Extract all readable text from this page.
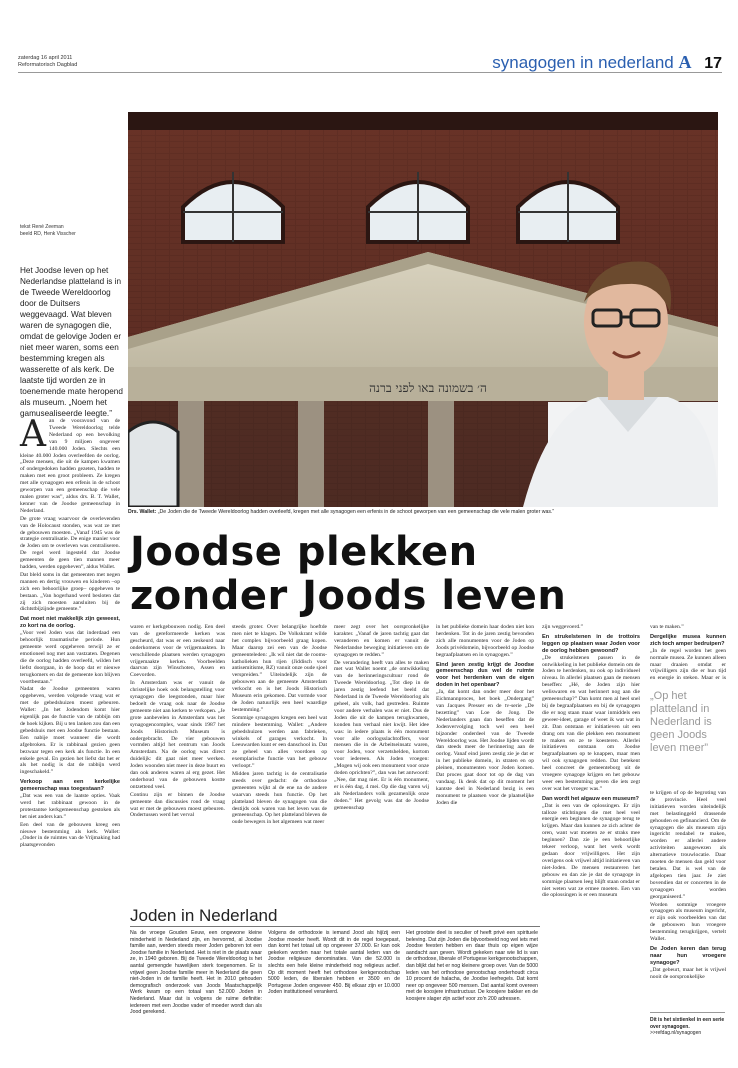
zaterdag 16 april 2011
Reformatorisch Dagblad	synagogen in nederland A 17
tekst René Zeeman
beeld RD, Henk Visscher
Het Joodse leven op het Nederlandse platteland is in de Tweede Wereldoorlog door de Duitsers weggevaagd. Wat bleven waren de synagogen die, omdat de gelovige Joden er niet meer waren, soms een bestemming kregen als wasserette of als kerk. De laatste tijd worden ze in toenemende mate heropend als museum. „Noem het gamusealiseerde leegte.”
ה׳ בשמונה באו לפני ברנה
Drs. Wallet: „De Joden die de Tweede Wereldoorlog hadden overleefd, kregen met alle synagogen een erfenis in de schoot geworpen van een gemeenschap die vele malen groter was.”
Joodse plekken
zonder Joods leven
A an de vooravond van de Tweede Wereldoorlog telde Nederland op een bevolking van 9 miljoen ongeveer 140.000 Joden. Slechts een kleine 40.000 Joden overleefden de oorlog. „Deze mensen, die uit de kampen kwamen of ondergedoken hadden gezeten, hadden te maken met een groot probleem. Ze kregen met alle synagogen een erfenis in de schoot geworpen van een gemeenschap die vele malen groter was”, aldus drs. B. T. Wallet, kenner van de Joodse gemeenschap in Nederland.

De grote vraag waarvoor de overlevenden van de Holocaust stonden, was wat ze met de gebouwen moesten. „Vanaf 1945 was de strategie centralisatie. De enige manier voor de Joden om te overleven was centraliseren. De regel werd ingesteld dat Joodse gemeenten de geen tien mannen meer hadden, werden opgeheven”, aldus Wallet.

Dat bleld soms in dat gemeenten met negen mannen en dertig vrouwen en kinderen –op zich een behoorlijke groep– opgeheven te bestaan. „Van hogerhand werd besloten dat zij zich moesten aansluiten bij de dichtstbijzijnde gemeente.”

Dat moet niet makkelijk zijn geweest, zo kort na de oorlog.

„Voor veel Joden was dat inderdaad een behoorlijk traumatische periode. Hun gemeente werd opgeheven terwijl ze er emotioneel nog met aan vastzaten. Degenen die de oorlog hadden overleefd, wilden het liefst doorgaan, in de hoop dat er nieuwe terugkomers en dat de gemeente kon blijven voortbestaan.”

Nadat de Joodse gemeenten waren opgeheven, werden volgende vraag wat er met de gebedshuizen moest gebeuren. Wallet: „In het Jodendom komt hier eigenlijk pas de functie van de rabbijn om de hoek kijken. Bij u ten lanken zou dan een gebedshuis met een Joodse functie bestaan. Een nabije moet wanneer die wordt afgebroken. Er is rabbinaal gezien geen bezwaar tegen een kerk als functie. In een enkele geval. En gezien het liefst dat het er als het nodig is dat de rabbijn werd ingeschakeld.”

Verkoop aan een kerkelijke gemeenschap was toegestaan?

„Dat was een van de laatste opties. Vaak werd het rabbinaat gewoon in de protestantse kerkgemeenschap gestoken als het niet anders kan.”

Een deel van de gebouwen kreeg een nieuwe bestemming als kerk. Wallet: „Onder in de ruimtes van de Vrijmaking had plaatsgevonden

waren er kerkgebouwen nodig. Een deel van de gereformeerde kerken was gescheurd, dat was er een zeskeurd naar onderkomens voor de vrijgemaakten. In verschillende plaatsen werden synagogen vrijgemaakte kerken. Voorbeelden daarvan zijn Winschoten, Assen en Coevorden.

In Amsterdam was er vanuit de christelijke hoek ook belangstelling voor synagogen die leegstonden, maar hier bedoelt de vraag ook naar de Joodse gemeente niet aan kerken te verkopen. „Je grote aanbevelen in Amsterdam was het synagogencomplex, waar sinds 1987 het Joods Historisch Museum is ondergebracht. De vier gebouwen vormden altijd het centrum van Joods Amsterdam. Na de oorlog was direct duidelijk: dit gaat niet meer werken. Joden woonden niet meer in deze buurt en dan ook anderen waren al erg gezet. Het onderhoud van de gebouwen kostte ontzettend veel.

Continu zijn er binnen de Joodse gemeente dan discussies rond de vraag wat er met de gebouwen moest gebeuren. Ondertussen werd het verval

steeds groter. Over belangrijke hoeftde men niet te klagen. De Volkskrant wilde het complex bijvoorbeeld graag kopen. Maar daarop zei een van de Joodse gemeenteleden: „Ik wil niet dat de rooms-katholieken hun rijen (Jiddisch voor antisemitisme, RZ) vanuit onze oude sjoel verspreiden.” Uiteindelijk zijn de gebouwen aan de gemeente Amsterdam verkocht en is het Joods Historisch Museum erin gekomen. Dat vormde voor de Joden natuurlijk een heel waardige bestemming.”

Sommige synagogen kregen een heel wat mindere bestemming. Wallet: „Andere gebedshuizen werden aan fabrieken, winkels of garages verkocht. In Leeuwarden kunt er een danschool in. Dat ze geheel van alles voordoen op exemplarische functie van het gebouw verloopt.”

Midden jaren tachtig is de centralisatie steeds over gedacht: de orthodoxe gemeenten wijkt al de ene na de andere waarvan steeds hun functie. Op het platteland bleven de synagogen van die destijds ook waren van het leven was de gemeenschap. Op het platteland bleven de oude bewegers in het algemeen wat meer

meer zegt over het oorspronkelijke karakter. „Vanaf de jaren tachtig gaat dat veranderen en komen er vanuit de Nederlandse beweging initiatieven om de synagogen te redden.”

De verandering heeft van alles te maken met wat Wallet noemt „de ontwikkeling van de herinneringscultuur rond de Tweede Wereldoorlog. „Tot diep in de jaren zestig leefend het beeld dat Nederland in de Tweede Wereldoorlog als geheel, als volk, had gestreden. Ruimte voor andere verhalen was er niet. Dus de Joden die uit de kampen terugkwamen, konden hun verhaal niet kwijt. Het idee was: in iedere plaats is één monument voor alle oorlogsslachtoffers, voor mensen die in de Arbeitseinsatz waren, voor Joden, voor verzetshelden, kortom voor iedereen. Als Joden vroegen: „Mogen wij ook een monument voor onze doden oprichten?”, dan was het antwoord: „Nee, dat mag niet. Er is één monument, er is één dag, 4 mei. Op die dag varen wij als Nederlanders volk gezamenlijk onze doden.” Het gevolg was dat de Joodse gemeenschap

in het publieke domein haar doden niet kon herdenken. Tot in de jaren zestig bevonden zich alle monumenten voor de Joden op Joods privédomein, bijvoorbeeld op Joodse begraafplaatsen en in synagogen.”

Eind jaren zestig krijgt de Joodse gemeenschap dus wel de ruimte voor het herdenken van de eigen doden in het openbaar?

„Ja, dat komt dan onder meer door het Eichmannproces, het boek „Ondergang” van Jacques Presser en de tv-serie „De bezetting” van Loe de Jong. De Nederlanders gaan dan beseffen dat de Jodenvervolging toch wel een heel bijzonder onderdeel van de Tweede Wereldoorlog was. Het Joodse lijden wordt dan steeds meer de herinnering aan de oorlog. Vanaf eind jaren zestig zie je dat er in het publieke domein, in straten en op pleinen, monumenten voor Joden komen. Dat proces gaat door tot op de dag van vandaag. Ik denk dat op dit moment het kantste deel in Nederland bezig is een monument te plaatsen voor de plaatselijke Joden die

zijn weggevoerd.”

En strukelstenen in de trottoirs leggen op plaatsen waar Joden voor de oorlog hebben gewoond?

„De strukelstenen passen in de ontwikkeling in het publieke domein om de Joden te herdenken, nu ook op individueel niveau. In allerlei plaatsen gaan de mensen beseffen: „Hé, de Joden zijn hier weliswaren en wat herinnert nog aan die gemeenschap?” Dan komt men al heel snel bij de begraafplaatsen en bij de synagogen die er nog staan maar waar inmiddels een geweer-ideet, garage of weet ik wat wat in zit. Dan ontstaan er initiatieven uit een drang om van die plekken een monument te maken en ze te koesteren. Allerlei initiatieven ontstaan om Joodse begraafplaatsen op te knappen, maar men wil ook synagogen redden. Dat betekent heel concreet de gemeenteborg uit de vroegere synagoge krijgen en het gebouw weer een bestemming geven die iets zegt over wat het vroeger was.”

Dan wordt het algauw een museum?

„Dat is een van de oplossingen. Er zijn talloze stichtingen die met heel veel energie een beginnen de synagoge terug te krijgen. Maar dan kunnen ze zich achter de oren, want wat moeten ze er straks mee beginnen? Dan zie je een behoorlijke tekeer verloop, want het werk wordt gedaan door vrijwilligers. Het zijn overigens ook vrijwel altijd initiatieven van niet-Joden. De mensen restaureren het gebouw en dan zie je dat de synagoge in sommige plaatsen leeg blijft staan omdat er niet weten wat ze ermee moeten. Een van die oplossingen is er een museum

van te maken.”

Dergelijke musea kunnen zich toch amper bedruipen?

„In de regel worden het geen normale musea. Ze kunnen alleen maar draaien omdat er vrijwilligers zijn die er hun tijd en energie in steken. Maar er is

„Op het platteland in Nederland is geen Joods leven meer”

te krijgen of op de begroting van de provincie. Heel veel initiatieven worden uiteindelijk met belastinggeld drassende gehouden en gefinancierd. Om de synagogen die als museum zijn ingericht rendabel te maken, worden er allerlei andere activiteiten aangewezen als alternatieve trouwlocatie. Daar moeten de mensen dan geld voor betalen. Dat is wel van de afgelopen tien jaar. Je ziet bovendien dat er concerten in de synagogen worden georganiseerd.”

Worden sommige vroegere synagogen als museum ingericht, er zijn ook voorbeelden van dat de gebouwen hun vroegere bestemming terugkrijgen, vertelt Wallet.

De Joden keren dan terug naar hun vroegere synagoge?

„Dat gebeurt, maar het is vrijwel nooit de oorspronkelijke

Joden in Nederland
Na de vroege Gouden Eeuw, een ongewone kleine minderheid in Nederland zijn, en hervormd, al Joodse familie aan, werden steeds meer Joden geboren tot een Joodse familie in Nederland. Het is niet in de plaats waar ze, in 1940 geboren. Bij de Tweede Wereldoorlog is het aantal gemengde huwelijken sterk toegenomen. Er is vrijwel geen Joodse familie meer in Nederland die geen niet-Joden in de familie heeft. Het in 2010 gehouden demografisch onderzoek van Joods Maatschappelijk Werk kwam op een totaal van 52.000 Joden in Nederland. Maar dat is volgens de ruime definitie: iedereen met een Joodse vader of moeder wordt dan als Jood gerekend.
Volgens de orthodoxie is iemand Jood als hij/zij een Joodse moeder heeft. Wordt dit in de regel toegepast, dan komt het totaal uit op ongeveer 37.000. Er kan ook gekeken worden naar het totale aantal leden van de Joodse religieuze denominaties. Van die 52.000 is slechts een hele kleine minderheid nog religieus actief. Op dit moment heeft het orthodoxe kerkgenootschap 5000 leden, de liberalen hebben er 3500 en de Portugese Joden ongeveer 450. Bij elkaar zijn er 10.000 Joden institutioneel verankerd.
Het grootste deel is seculier of heeft privé een spirituele beleving. Dat zijn Joden die bijvoorbeeld nog wel iets met Joodse feesten hebben en daar thuis op eigen wijze aandacht aan geven. Wordt gekeken naar wie lid is van de orthodoxe, liberale of Portugese kerkgenootschappen, dan blijkt dat het er nog kleinere groep over. Van de 5000 leden van het orthodoxe genootschap onderhoudt circa 10 procent de halacha, de Joodse leefregels. Dat komt neer op ongeveer 500 mensen. Dat aantal komt overeen met de koosjere infrastructuur. De koosjere bakker en de koosjere slager zijn actief voor zo'n 200 adressen.
Dit is het sixtienkel in een serie over synagogen.
>>refdag.nl/synagogen
